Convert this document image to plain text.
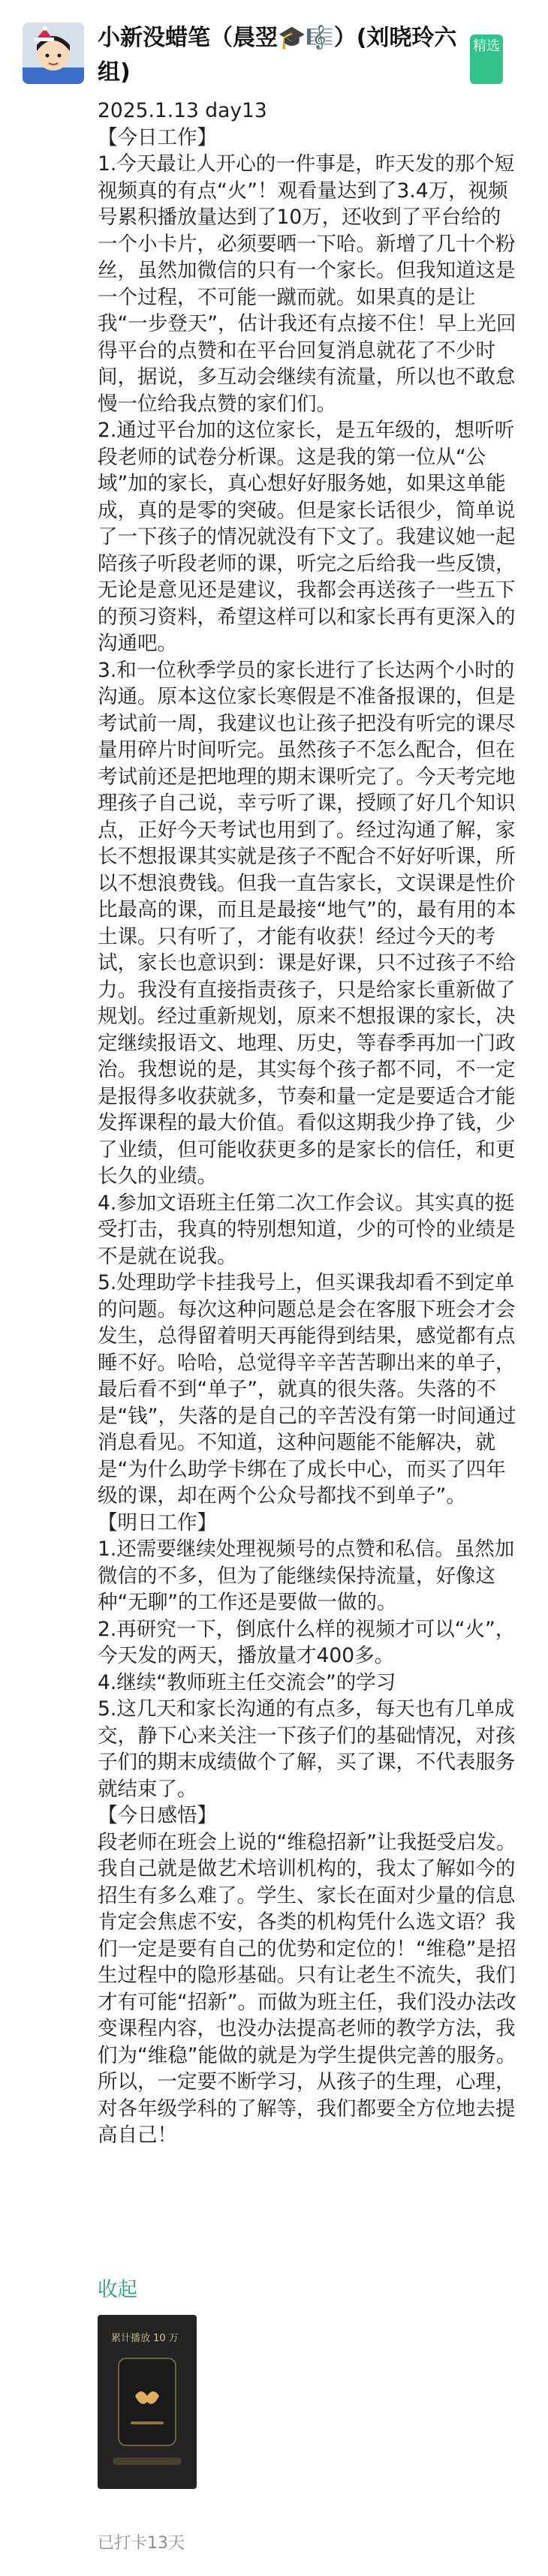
小新没蜡笔（晨翌🎓🎼）(刘晓玲六组)
精选

2025.1.13 day13

【今日工作】

1.今天最让人开心的一件事是，昨天发的那个短视频真的有点“火”！观看量达到了3.4万，视频号累积播放量达到了10万，还收到了平台给的一个小卡片，必须要晒一下哈。新增了几十个粉丝，虽然加微信的只有一个家长。但我知道这是一个过程，不可能一蹴而就。如果真的是让我“一步登天”，估计我还有点接不住！早上光回得平台的点赞和在平台回复消息就花了不少时间，据说，多互动会继续有流量，所以也不敢怠慢一位给我点赞的家们们。

2.通过平台加的这位家长，是五年级的，想听听段老师的试卷分析课。这是我的第一位从“公域”加的家长，真心想好好服务她，如果这单能成，真的是零的突破。但是家长话很少，简单说了一下孩子的情况就没有下文了。我建议她一起陪孩子听段老师的课，听完之后给我一些反馈，无论是意见还是建议，我都会再送孩子一些五下的预习资料，希望这样可以和家长再有更深入的沟通吧。

3.和一位秋季学员的家长进行了长达两个小时的沟通。原本这位家长寒假是不准备报课的，但是考试前一周，我建议也让孩子把没有听完的课尽量用碎片时间听完。虽然孩子不怎么配合，但在考试前还是把地理的期末课听完了。今天考完地理孩子自己说，幸亏听了课，授顾了好几个知识点，正好今天考试也用到了。经过沟通了解，家长不想报课其实就是孩子不配合不好好听课，所以不想浪费钱。但我一直告家长，文误课是性价比最高的课，而且是最接“地气”的，最有用的本土课。只有听了，才能有收获！经过今天的考试，家长也意识到：课是好课，只不过孩子不给力。我没有直接指责孩子，只是给家长重新做了规划。经过重新规划，原来不想报课的家长，决定继续报语文、地理、历史，等春季再加一门政治。我想说的是，其实每个孩子都不同，不一定是报得多收获就多，节奏和量一定是要适合才能发挥课程的最大价值。看似这期我少挣了钱，少了业绩，但可能收获更多的是家长的信任，和更长久的业绩。

4.参加文语班主任第二次工作会议。其实真的挺受打击，我真的特别想知道，少的可怜的业绩是不是就在说我。

5.处理助学卡挂我号上，但买课我却看不到定单的问题。每次这种问题总是会在客服下班会才会发生，总得留着明天再能得到结果，感觉都有点睡不好。哈哈，总觉得辛辛苦苦聊出来的单子，最后看不到“单子”，就真的很失落。失落的不是“钱”，失落的是自己的辛苦没有第一时间通过消息看见。不知道，这种问题能不能解决，就是“为什么助学卡绑在了成长中心，而买了四年级的课，却在两个公众号都找不到单子”。

【明日工作】

1.还需要继续处理视频号的点赞和私信。虽然加微信的不多，但为了能继续保持流量，好像这种“无聊”的工作还是要做一做的。

2.再研究一下，倒底什么样的视频才可以“火”，今天发的两天，播放量才400多。

4.继续“教师班主任交流会”的学习

5.这几天和家长沟通的有点多，每天也有几单成交，静下心来关注一下孩子们的基础情况，对孩子们的期末成绩做个了解，买了课，不代表服务就结束了。

【今日感悟】

段老师在班会上说的“维稳招新”让我挺受启发。我自己就是做艺术培训机构的，我太了解如今的招生有多么难了。学生、家长在面对少量的信息肯定会焦虑不安，各类的机构凭什么选文语？我们一定是要有自己的优势和定位的！“维稳”是招生过程中的隐形基础。只有让老生不流失，我们才有可能“招新”。而做为班主任，我们没办法改变课程内容，也没办法提高老师的教学方法，我们为“维稳”能做的就是为学生提供完善的服务。所以，一定要不断学习，从孩子的生理，心理，对各年级学科的了解等，我们都要全方位地去提高自己！

收起
累计播放 10 万
已打卡13天
